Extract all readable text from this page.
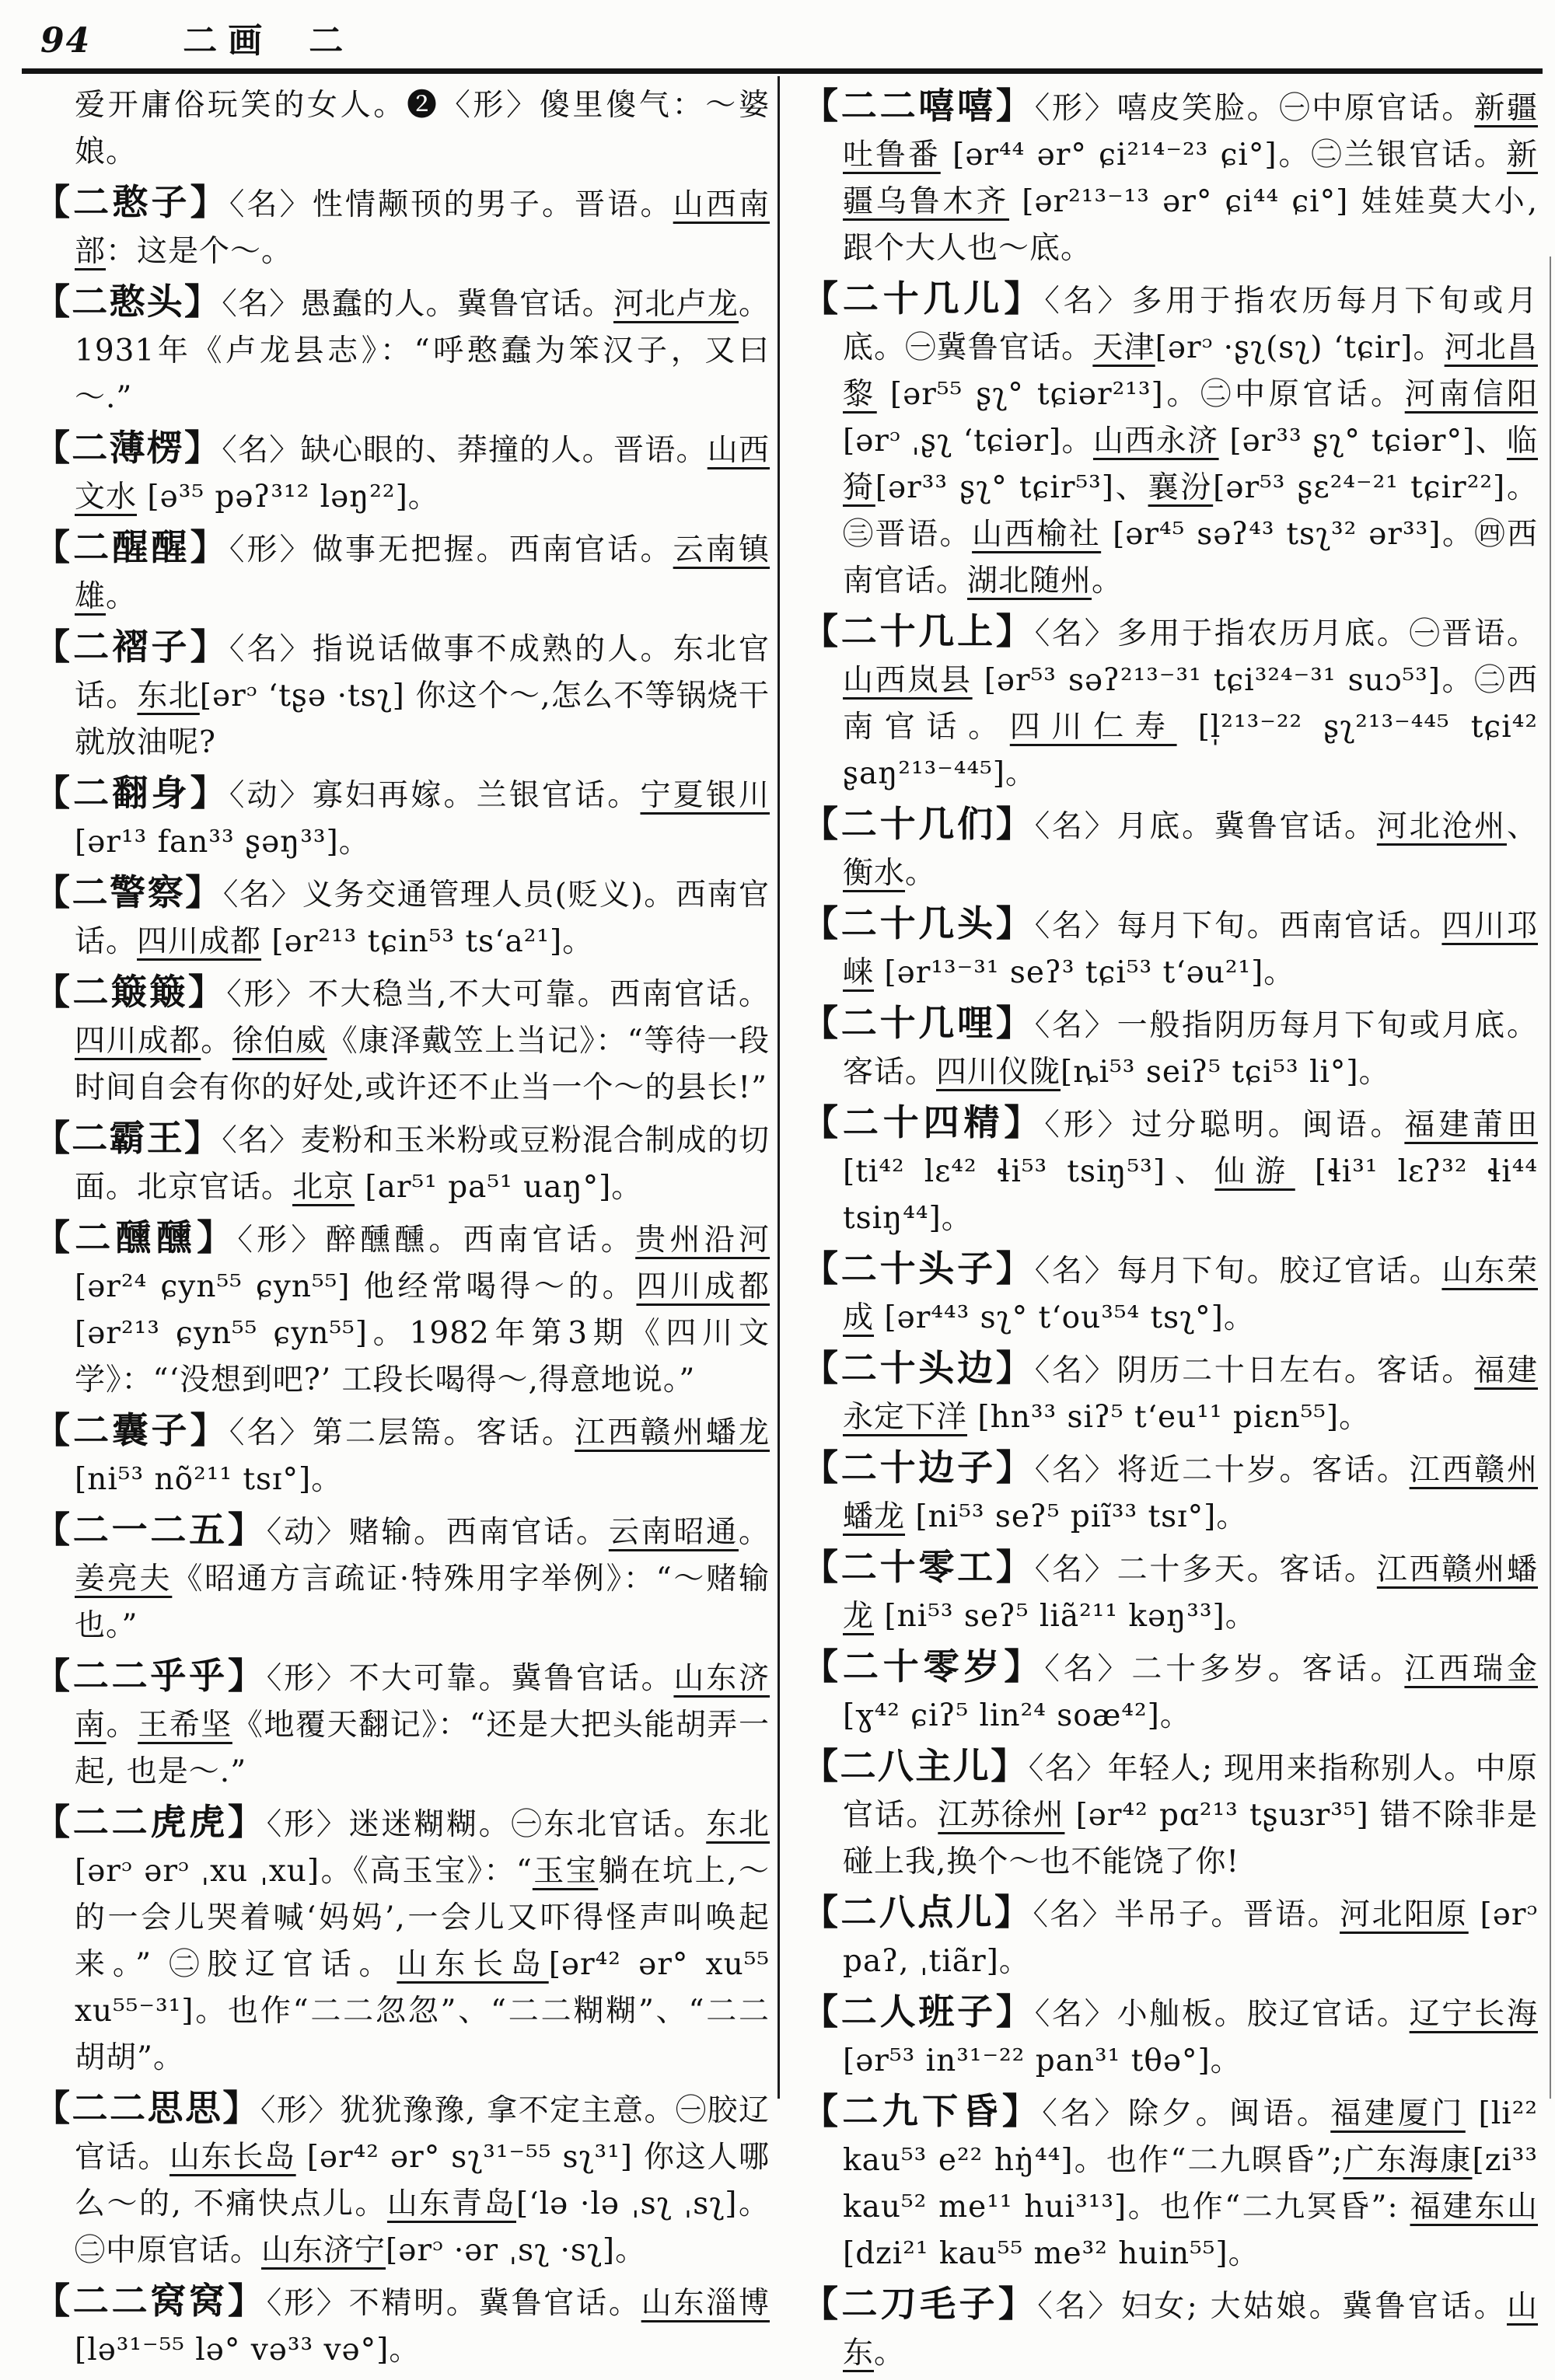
94	二画 二
爱开庸俗玩笑的女人。❷〈形〉傻里傻气：～婆娘。
【二憨子】〈名〉性情颟顸的男子。晋语。山西南部：这是个～。
【二憨头】〈名〉愚蠢的人。冀鲁官话。河北卢龙。1931年《卢龙县志》：“呼憨蠢为笨汉子，又曰～.”
【二薄楞】〈名〉缺心眼的、莽撞的人。晋语。山西文水 [ə³⁵ pəʔ³¹² ləŋ²²]。
【二醒醒】〈形〉做事无把握。西南官话。云南镇雄。
【二褶子】〈名〉指说话做事不成熟的人。东北官话。东北[ərᵓ ʻtʂə ·tsʅ] 你这个～,怎么不等锅烧干就放油呢?
【二翻身】〈动〉寡妇再嫁。兰银官话。宁夏银川 [ər¹³ fan³³ ʂəŋ³³]。
【二警察】〈名〉义务交通管理人员(贬义)。西南官话。四川成都 [ər²¹³ tɕin⁵³ tsʻa²¹]。
【二簸簸】〈形〉不大稳当,不大可靠。西南官话。四川成都。徐伯威《康泽戴笠上当记》：“等待一段时间自会有你的好处,或许还不止当一个～的县长!”
【二霸王】〈名〉麦粉和玉米粉或豆粉混合制成的切面。北京官话。北京 [ar⁵¹ pa⁵¹ uaŋ°]。
【二醺醺】〈形〉醉醺醺。西南官话。贵州沿河 [ər²⁴ ɕyn⁵⁵ ɕyn⁵⁵] 他经常喝得～的。四川成都 [ər²¹³ ɕyn⁵⁵ ɕyn⁵⁵]。1982年第3期《四川文学》：“‘没想到吧?’ 工段长喝得～,得意地说。”
【二囊子】〈名〉第二层篅。客话。江西赣州蟠龙 [ni⁵³ nõ²¹¹ tsɪ°]。
【二一二五】〈动〉赌输。西南官话。云南昭通。姜亮夫《昭通方言疏证·特殊用字举例》：“～赌输也。”
【二二乎乎】〈形〉不大可靠。冀鲁官话。山东济南。王希坚《地覆天翻记》：“还是大把头能胡弄一起, 也是～.”
【二二虎虎】〈形〉迷迷糊糊。㊀东北官话。东北[ərᵓ ərᵓ ˌxu ˌxu]。《高玉宝》：“玉宝躺在坑上,～的一会儿哭着喊‘妈妈’,一会儿又吓得怪声叫唤起来。” ㊁胶辽官话。山东长岛[ər⁴² ər° xu⁵⁵ xu⁵⁵⁻³¹]。也作“二二忽忽”、“二二糊糊”、“二二胡胡”。
【二二思思】〈形〉犹犹豫豫, 拿不定主意。㊀胶辽官话。山东长岛 [ər⁴² ər° sʅ³¹⁻⁵⁵ sʅ³¹] 你这人哪么～的, 不痛快点儿。山东青岛[ʻlə ·lə ˌsʅ ˌsʅ]。㊁中原官话。山东济宁[ərᵓ ·ər ˌsʅ ·sʅ]。
【二二窝窝】〈形〉不精明。冀鲁官话。山东淄博 [lə³¹⁻⁵⁵ lə° və³³ və°]。
【二二嘻嘻】〈形〉嘻皮笑脸。㊀中原官话。新疆吐鲁番 [ər⁴⁴ ər° ɕi²¹⁴⁻²³ ɕi°]。㊁兰银官话。新疆乌鲁木齐 [ər²¹³⁻¹³ ər° ɕi⁴⁴ ɕi°] 娃娃莫大小, 跟个大人也～底。
【二十几儿】〈名〉多用于指农历每月下旬或月底。㊀冀鲁官话。天津[ərᵓ ·ʂʅ(sʅ) ʻtɕir]。河北昌黎 [ər⁵⁵ ʂʅ° tɕiər²¹³]。㊁中原官话。河南信阳[ərᵓ ˌʂʅ ʻtɕiər]。山西永济 [ər³³ ʂʅ° tɕiər°]、临猗[ər³³ ʂʅ° tɕir⁵³]、襄汾[ər⁵³ ʂɛ²⁴⁻²¹ tɕir²²]。㊂晋语。山西榆社 [ər⁴⁵ səʔ⁴³ tsʅ³² ər³³]。㊃西南官话。湖北随州。
【二十几上】〈名〉多用于指农历月底。㊀晋语。山西岚县 [ər⁵³ səʔ²¹³⁻³¹ tɕi³²⁴⁻³¹ suɔ⁵³]。㊁西南官话。四川仁寿 [l̩²¹³⁻²² ʂʅ²¹³⁻⁴⁴⁵ tɕi⁴² ʂaŋ²¹³⁻⁴⁴⁵]。
【二十几们】〈名〉月底。冀鲁官话。河北沧州、衡水。
【二十几头】〈名〉每月下旬。西南官话。四川邛崃 [ər¹³⁻³¹ seʔ³ tɕi⁵³ tʻəu²¹]。
【二十几哩】〈名〉一般指阴历每月下旬或月底。客话。四川仪陇[ȵi⁵³ seiʔ⁵ tɕi⁵³ li°]。
【二十四精】〈形〉过分聪明。闽语。福建莆田[ti⁴² lɛ⁴² ɬi⁵³ tsiŋ⁵³]、仙游 [ɬi³¹ lɛʔ³² ɬi⁴⁴ tsiŋ⁴⁴]。
【二十头子】〈名〉每月下旬。胶辽官话。山东荣成 [ər⁴⁴³ sʅ° tʻou³⁵⁴ tsʅ°]。
【二十头边】〈名〉阴历二十日左右。客话。福建永定下洋 [hn³³ siʔ⁵ tʻeu¹¹ piɛn⁵⁵]。
【二十边子】〈名〉将近二十岁。客话。江西赣州蟠龙 [ni⁵³ seʔ⁵ piĩ³³ tsɪ°]。
【二十零工】〈名〉二十多天。客话。江西赣州蟠龙 [ni⁵³ seʔ⁵ liã²¹¹ kəŋ³³]。
【二十零岁】〈名〉二十多岁。客话。江西瑞金 [ɣ⁴² ɕiʔ⁵ lin²⁴ soæ⁴²]。
【二八主儿】〈名〉年轻人; 现用来指称别人。中原官话。江苏徐州 [ər⁴² pɑ²¹³ tʂuɜr³⁵] 错不除非是碰上我,换个～也不能饶了你!
【二八点儿】〈名〉半吊子。晋语。河北阳原 [ərᵓ paʔ, ˌtiãr]。
【二人班子】〈名〉小舢板。胶辽官话。辽宁长海 [ər⁵³ in³¹⁻²² pan³¹ tθə°]。
【二九下昏】〈名〉除夕。闽语。福建厦门 [li²² kau⁵³ e²² hŋ̇⁴⁴]。也作“二九暝昏”;广东海康[zi³³ kau⁵² me¹¹ hui³¹³]。也作“二九冥昏”: 福建东山 [dzi²¹ kau⁵⁵ me³² huin⁵⁵]。
【二刀毛子】〈名〉妇女; 大姑娘。冀鲁官话。山东。
